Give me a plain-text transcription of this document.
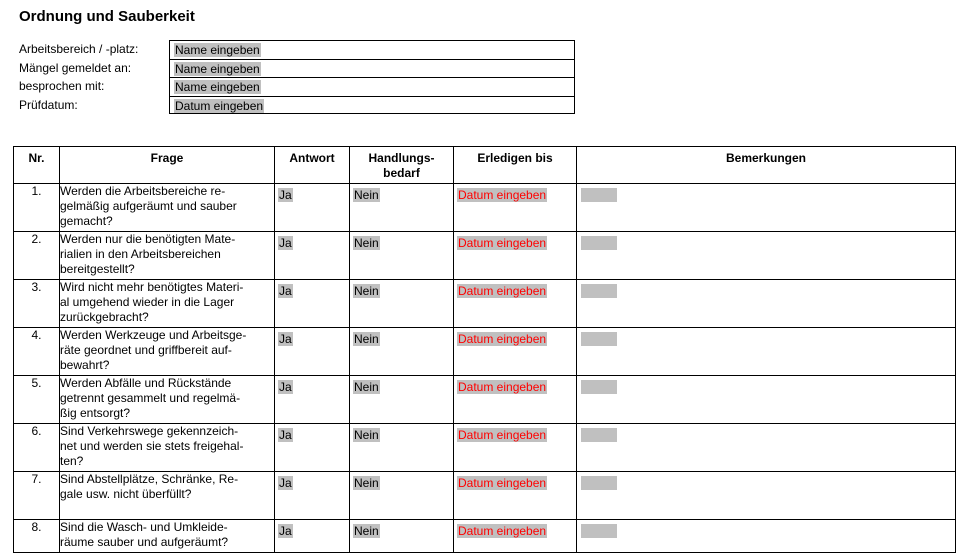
Ordnung und Sauberkeit
Arbeitsbereich / -platz:	Name eingeben
Mängel gemeldet an:	Name eingeben
besprochen mit:	Name eingeben
Prüfdatum:	Datum eingeben
Nr.	Frage	Antwort	Handlungs-
bedarf	Erledigen bis	Bemerkungen
1.	Werden die Arbeitsbereiche re-
gelmäßig aufgeräumt und sauber
gemacht?	Ja	Nein	Datum eingeben	
2.	Werden nur die benötigten Mate-
rialien in den Arbeitsbereichen
bereitgestellt?	Ja	Nein	Datum eingeben	
3.	Wird nicht mehr benötigtes Materi-
al umgehend wieder in die Lager
zurückgebracht?	Ja	Nein	Datum eingeben	
4.	Werden Werkzeuge und Arbeitsge-
räte geordnet und griffbereit auf-
bewahrt?	Ja	Nein	Datum eingeben	
5.	Werden Abfälle und Rückstände
getrennt gesammelt und regelmä-
ßig entsorgt?	Ja	Nein	Datum eingeben	
6.	Sind Verkehrswege gekennzeich-
net und werden sie stets freigehal-
ten?	Ja	Nein	Datum eingeben	
7.	Sind Abstellplätze, Schränke, Re-
gale usw. nicht überfüllt?	Ja	Nein	Datum eingeben	
8.	Sind die Wasch- und Umkleide-
räume sauber und aufgeräumt?	Ja	Nein	Datum eingeben	
